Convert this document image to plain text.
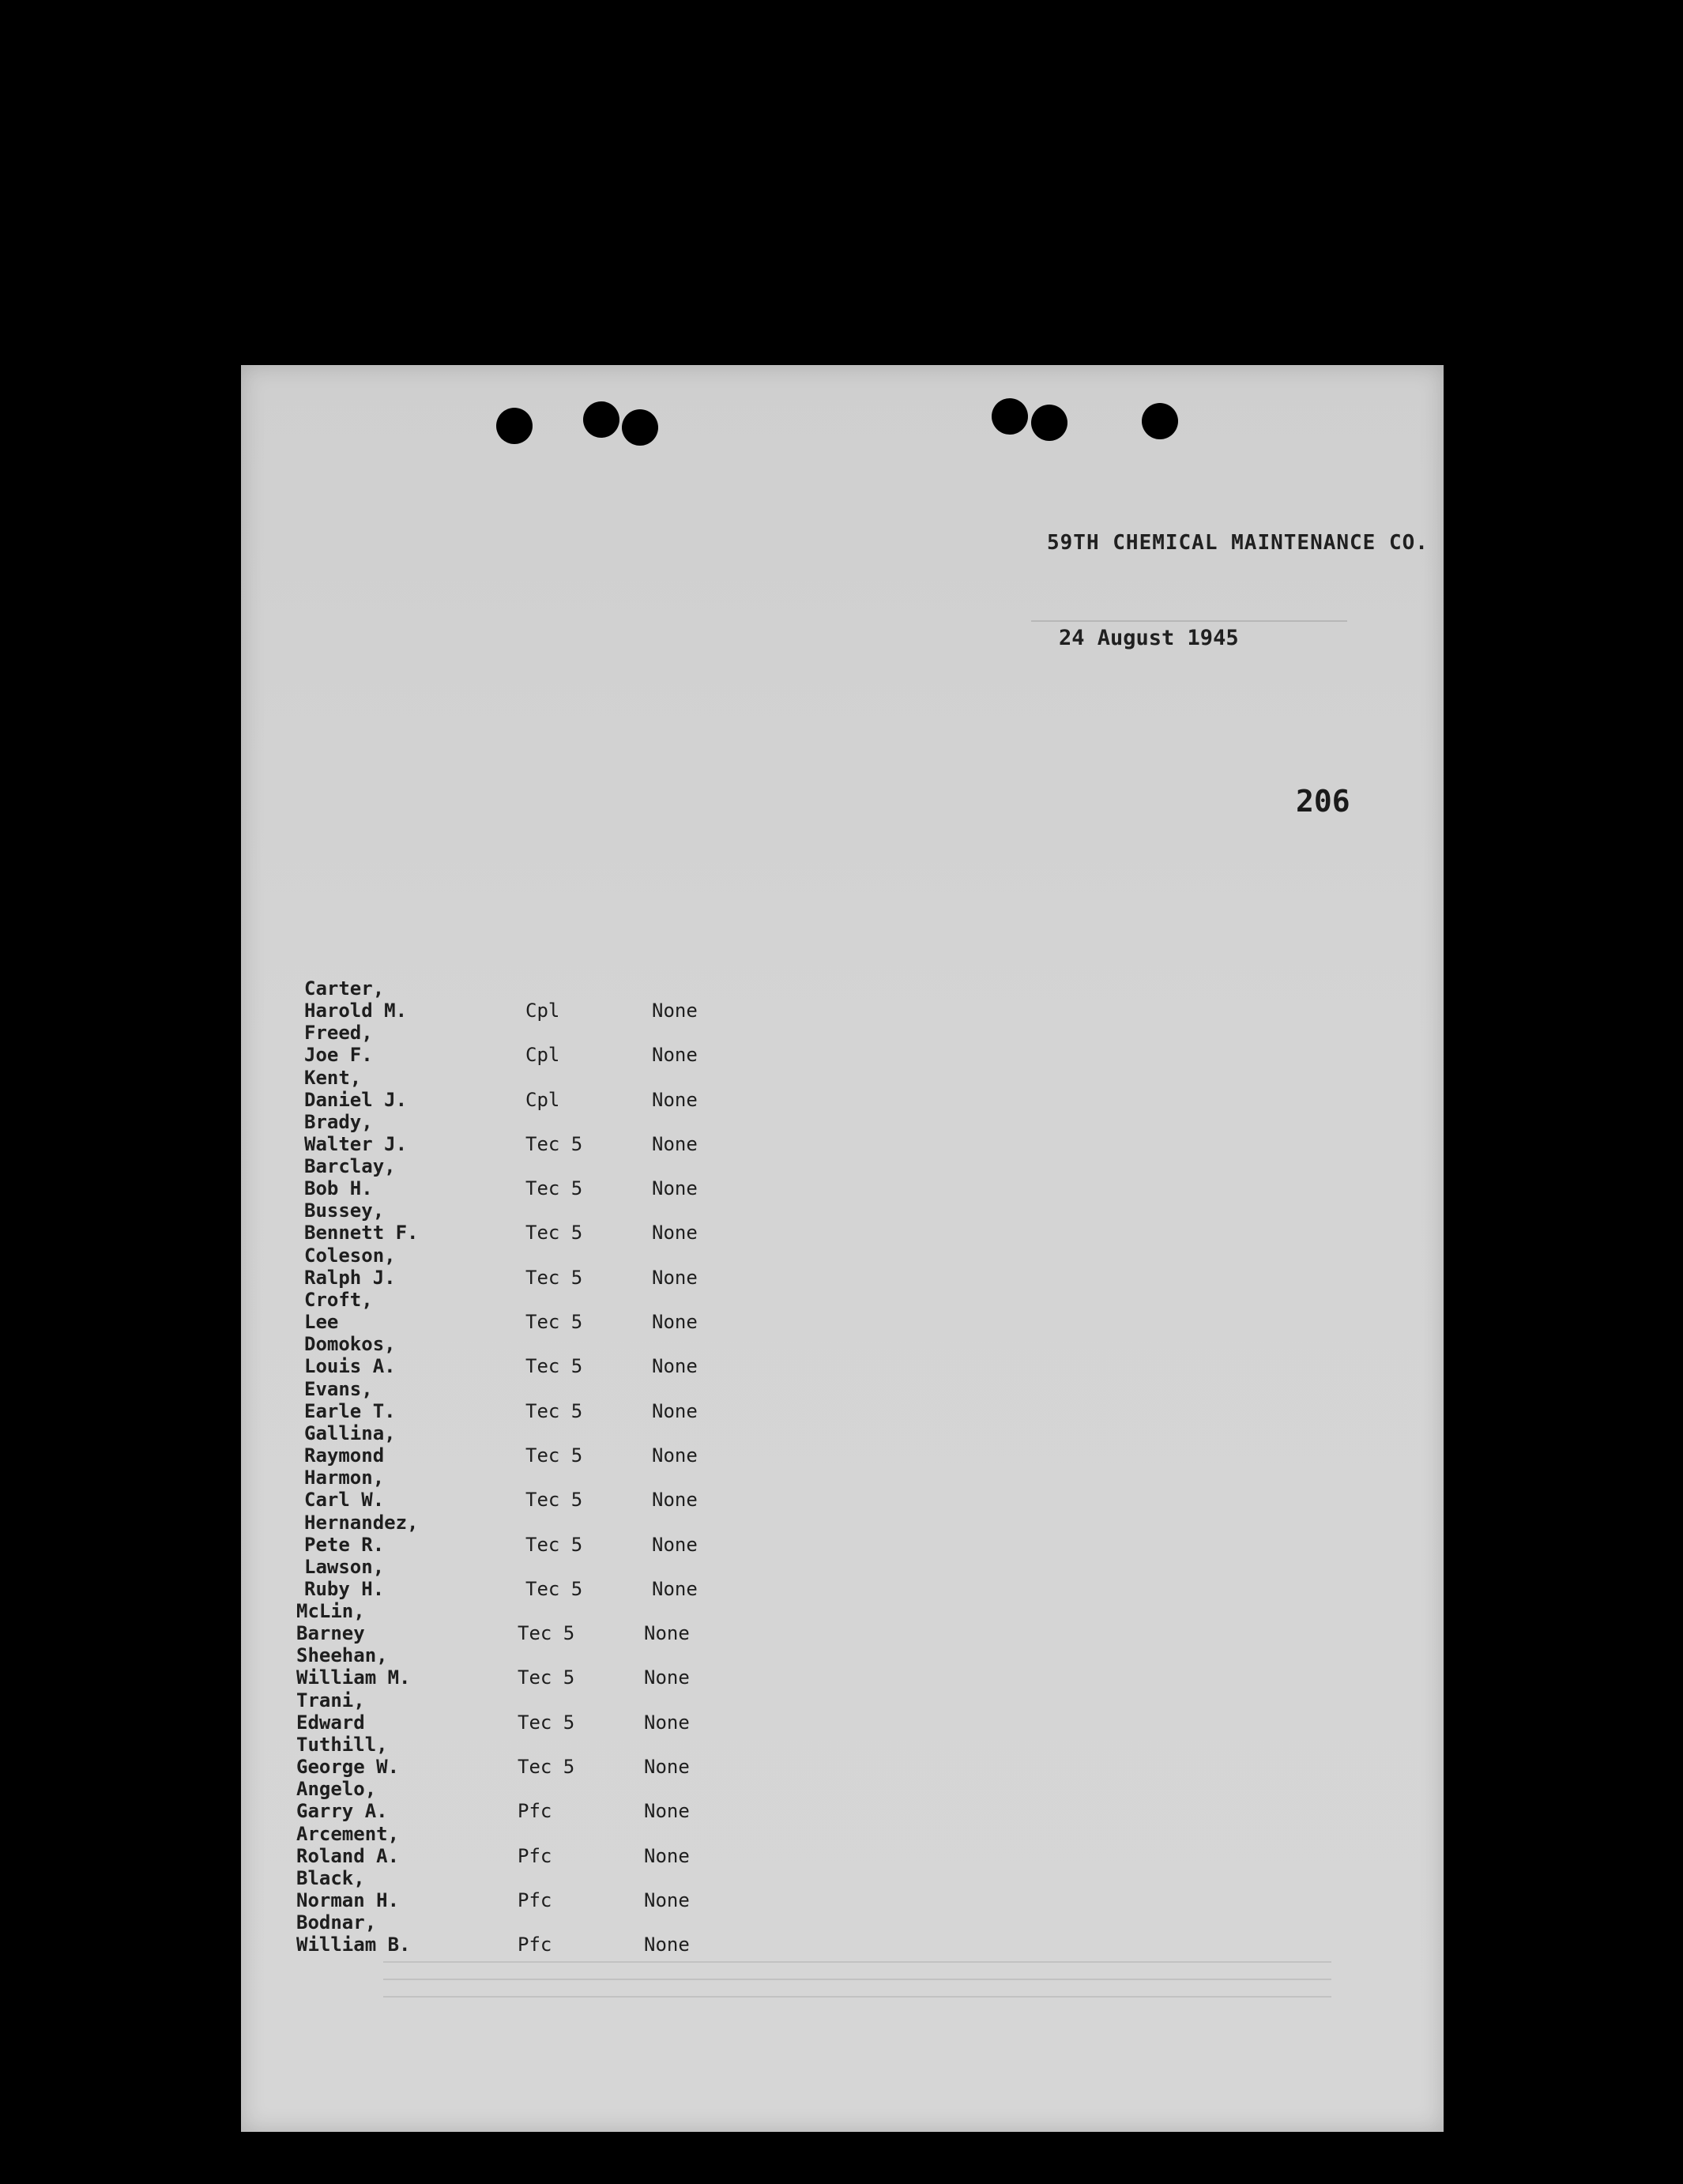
59TH CHEMICAL MAINTENANCE CO.
24 August 1945
206
Carter,
Harold M.	Cpl	None
Freed,
Joe F.	Cpl	None
Kent,
Daniel J.	Cpl	None
Brady,
Walter J.	Tec 5	None
Barclay,
Bob H.	Tec 5	None
Bussey,
Bennett F.	Tec 5	None
Coleson,
Ralph J.	Tec 5	None
Croft,
Lee	Tec 5	None
Domokos,
Louis A.	Tec 5	None
Evans,
Earle T.	Tec 5	None
Gallina,
Raymond	Tec 5	None
Harmon,
Carl W.	Tec 5	None
Hernandez,
Pete R.	Tec 5	None
Lawson,
Ruby H.	Tec 5	None
McLin,
Barney	Tec 5	None
Sheehan,
William M.	Tec 5	None
Trani,
Edward	Tec 5	None
Tuthill,
George W.	Tec 5	None
Angelo,
Garry A.	Pfc	None
Arcement,
Roland A.	Pfc	None
Black,
Norman H.	Pfc	None
Bodnar,
William B.	Pfc	None
